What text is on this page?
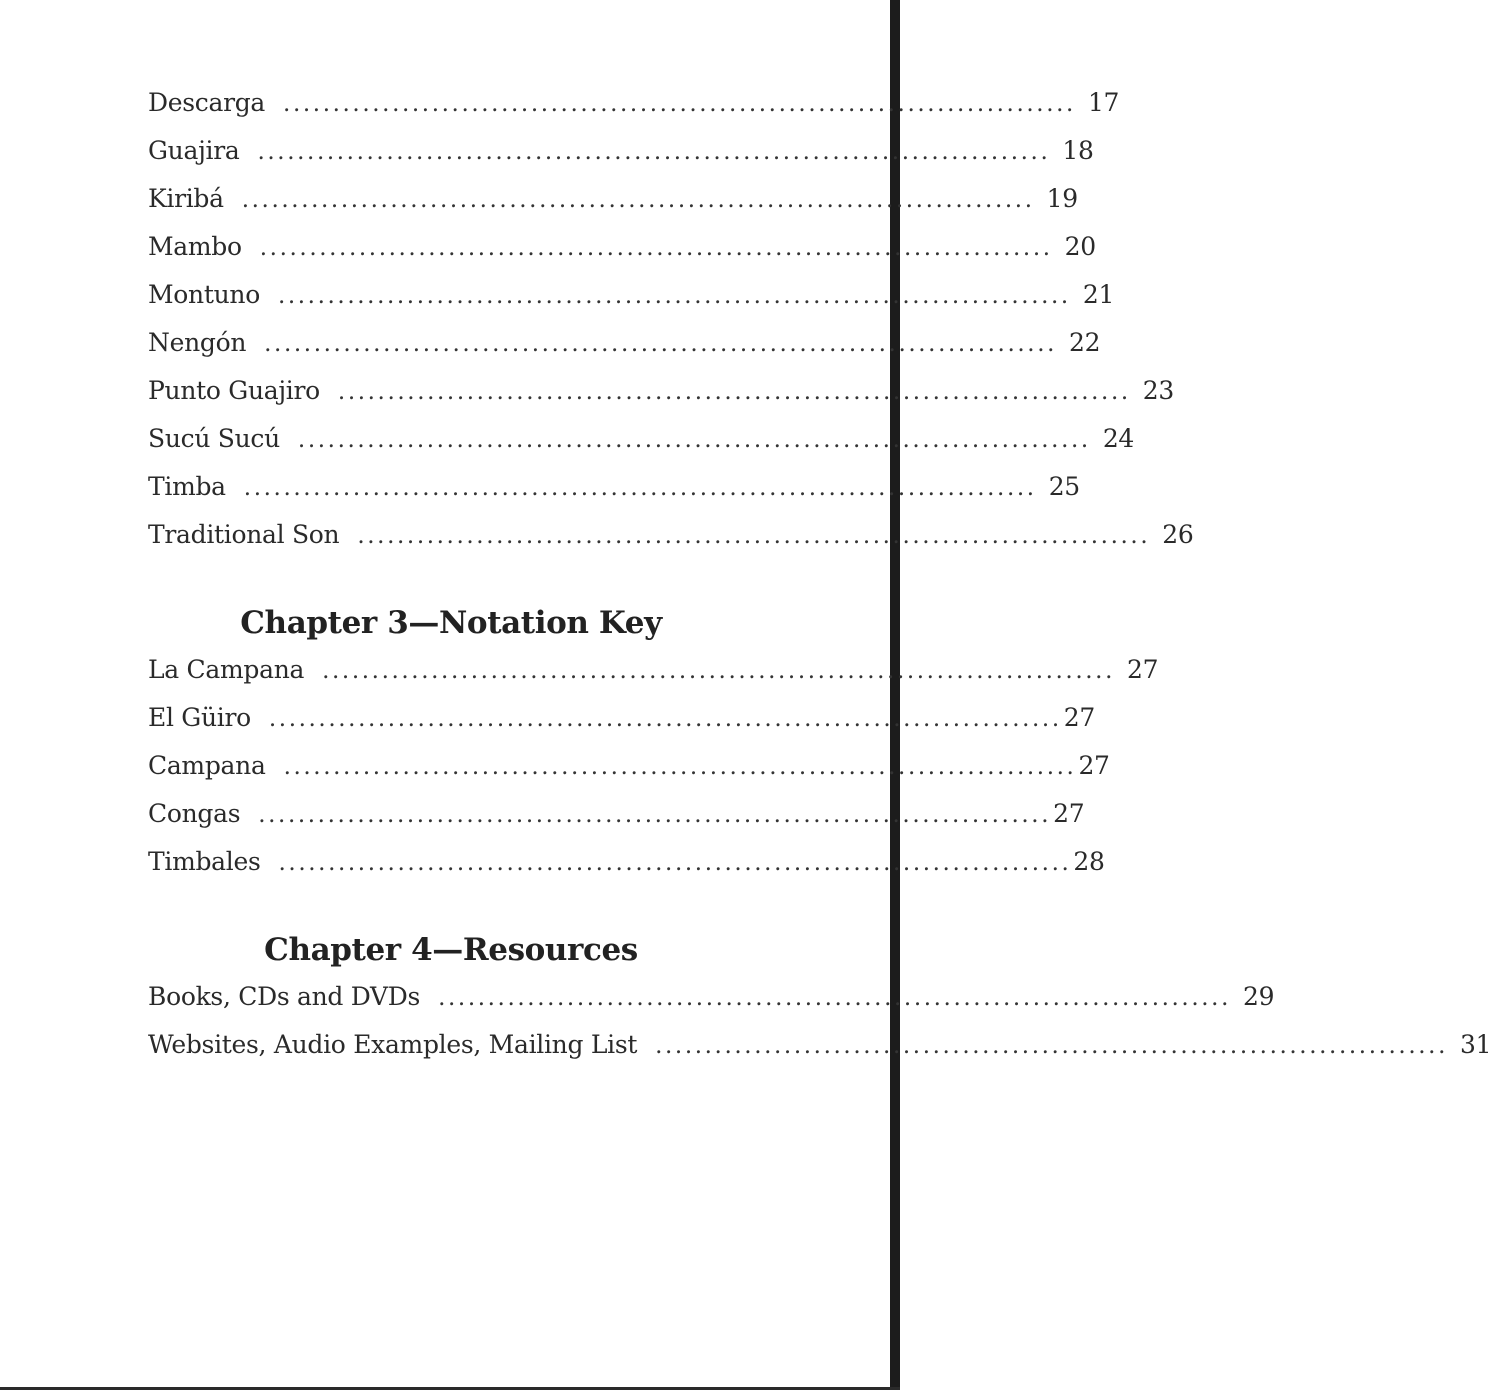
Descarga ................................................................................ 17
Guajira ................................................................................ 18
Kiribá ................................................................................ 19
Mambo ................................................................................ 20
Montuno ................................................................................ 21
Nengón ................................................................................ 22
Punto Guajiro ................................................................................ 23
Sucú Sucú ................................................................................ 24
Timba ................................................................................ 25
Traditional Son ................................................................................ 26
Chapter 3—Notation Key
La Campana ................................................................................ 27
El Güiro ................................................................................ 27
Campana ................................................................................ 27
Congas ................................................................................ 27
Timbales ................................................................................ 28
Chapter 4—Resources
Books, CDs and DVDs ................................................................................ 29
Websites, Audio Examples, Mailing List ................................................................................ 31
